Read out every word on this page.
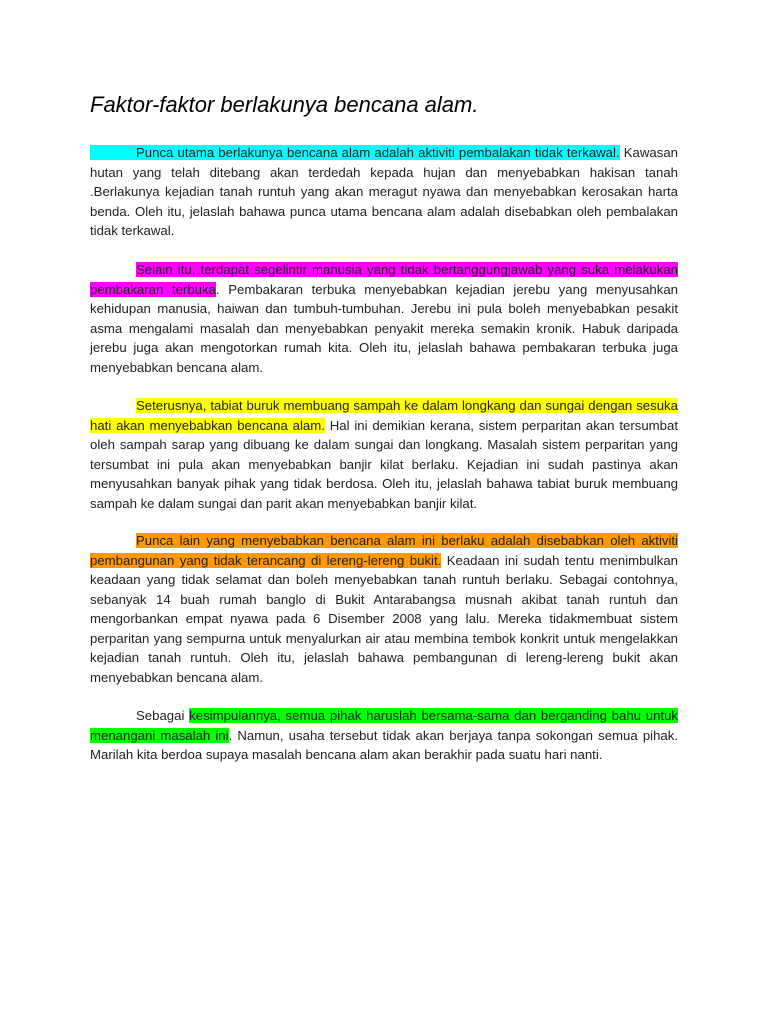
Faktor-faktor berlakunya bencana alam.

Punca utama berlakunya bencana alam adalah aktiviti pembalakan tidak terkawal. Kawasan hutan yang telah ditebang akan terdedah kepada hujan dan menyebabkan hakisan tanah .Berlakunya kejadian tanah runtuh yang akan meragut nyawa dan menyebabkan kerosakan harta benda. Oleh itu, jelaslah bahawa punca utama bencana alam adalah disebabkan oleh pembalakan tidak terkawal.

Selain itu, terdapat segelintir manusia yang tidak bertanggungjawab yang suka melakukan pembakaran terbuka. Pembakaran terbuka menyebabkan kejadian jerebu yang menyusahkan kehidupan manusia, haiwan dan tumbuh-tumbuhan. Jerebu ini pula boleh menyebabkan pesakit asma mengalami masalah dan menyebabkan penyakit mereka semakin kronik. Habuk daripada jerebu juga akan mengotorkan rumah kita. Oleh itu, jelaslah bahawa pembakaran terbuka juga menyebabkan bencana alam.

Seterusnya, tabiat buruk membuang sampah ke dalam longkang dan sungai dengan sesuka hati akan menyebabkan bencana alam. Hal ini demikian kerana, sistem perparitan akan tersumbat oleh sampah sarap yang dibuang ke dalam sungai dan longkang. Masalah sistem perparitan yang tersumbat ini pula akan menyebabkan banjir kilat berlaku. Kejadian ini sudah pastinya akan menyusahkan banyak pihak yang tidak berdosa. Oleh itu, jelaslah bahawa tabiat buruk membuang sampah ke dalam sungai dan parit akan menyebabkan banjir kilat.

Punca lain yang menyebabkan bencana alam ini berlaku adalah disebabkan oleh aktiviti pembangunan yang tidak terancang di lereng-lereng bukit. Keadaan ini sudah tentu menimbulkan keadaan yang tidak selamat dan boleh menyebabkan tanah runtuh berlaku. Sebagai contohnya, sebanyak 14 buah rumah banglo di Bukit Antarabangsa musnah akibat tanah runtuh dan mengorbankan empat nyawa pada 6 Disember 2008 yang lalu. Mereka tidakmembuat sistem perparitan yang sempurna untuk menyalurkan air atau membina tembok konkrit untuk mengelakkan kejadian tanah runtuh. Oleh itu, jelaslah bahawa pembangunan di lereng-lereng bukit akan menyebabkan bencana alam.

Sebagai kesimpulannya, semua pihak haruslah bersama-sama dan berganding bahu untuk menangani masalah ini. Namun, usaha tersebut tidak akan berjaya tanpa sokongan semua pihak. Marilah kita berdoa supaya masalah bencana alam akan berakhir pada suatu hari nanti.
